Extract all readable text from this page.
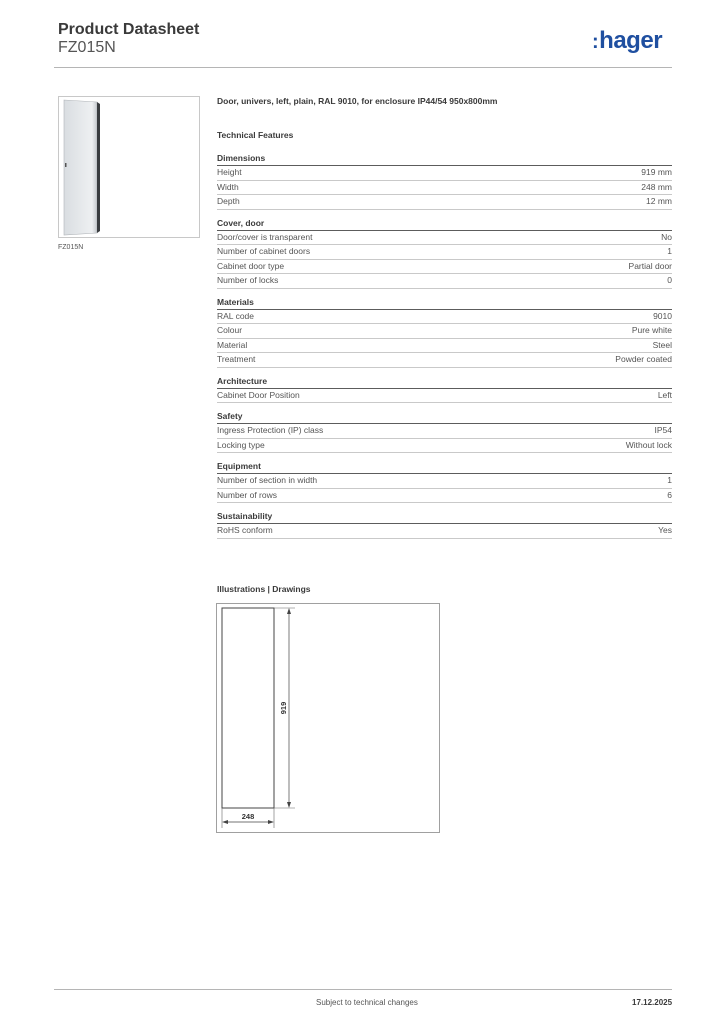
Product Datasheet
FZ015N	:hager
FZ015N
Door, univers, left, plain, RAL 9010, for enclosure IP44/54 950x800mm
Technical Features
Dimensions
Height	919 mm
Width	248 mm
Depth	12 mm
Cover, door
Door/cover is transparent	No
Number of cabinet doors	1
Cabinet door type	Partial door
Number of locks	0
Materials
RAL code	9010
Colour	Pure white
Material	Steel
Treatment	Powder coated
Architecture
Cabinet Door Position	Left
Safety
Ingress Protection (IP) class	IP54
Locking type	Without lock
Equipment
Number of section in width	1
Number of rows	6
Sustainability
RoHS conform	Yes
Illustrations | Drawings
919
248
Subject to technical changes	17.12.2025
